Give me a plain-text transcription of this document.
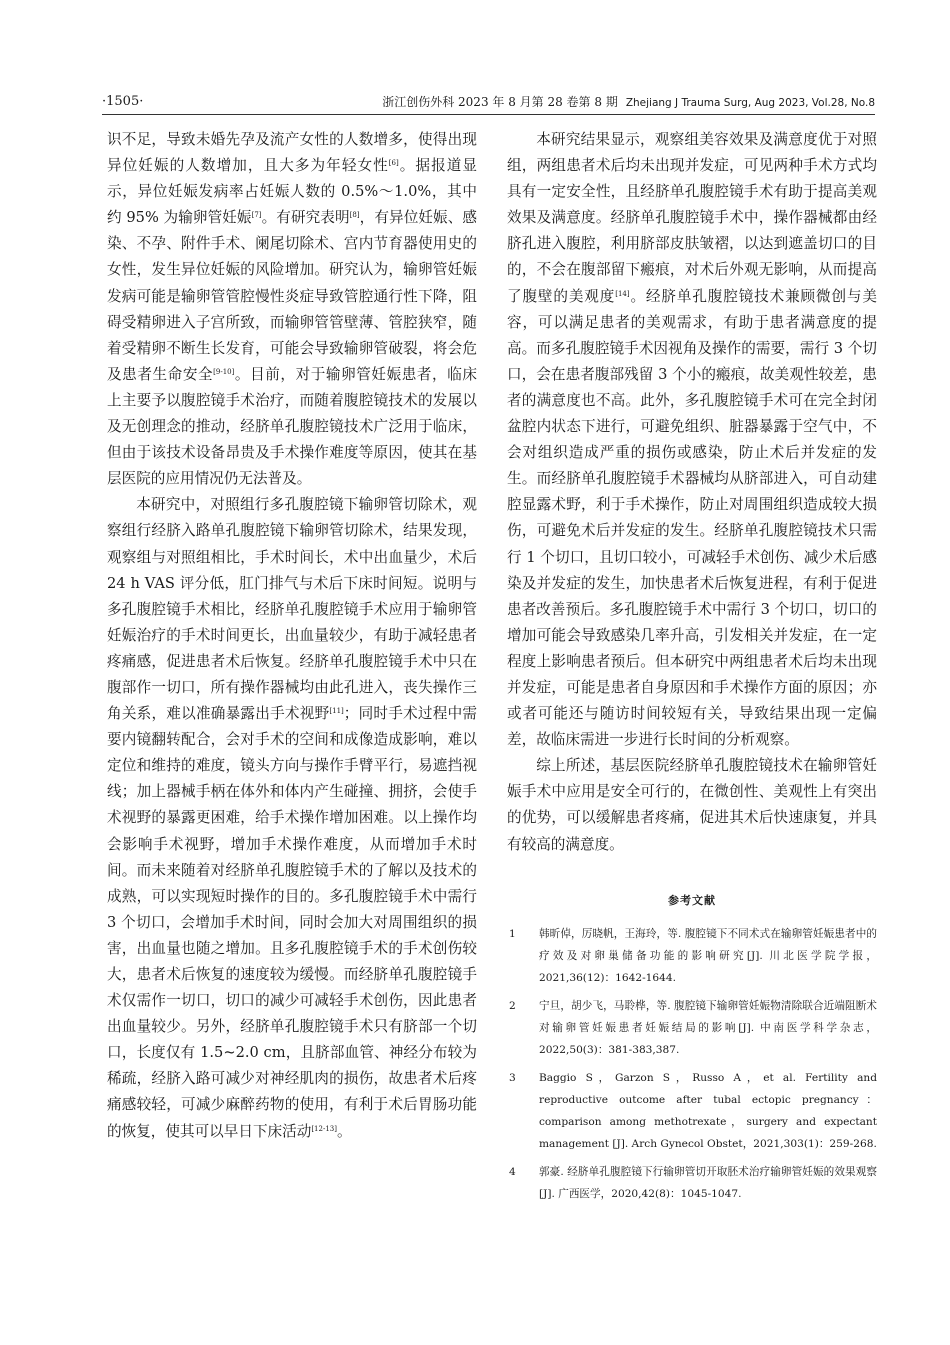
·1505·	浙江创伤外科 2023 年 8 月第 28 卷第 8 期 Zhejiang J Trauma Surg, Aug 2023, Vol.28, No.8

识不足，导致未婚先孕及流产女性的人数增多，使得出现异位妊娠的人数增加，且大多为年轻女性[6]。据报道显示，异位妊娠发病率占妊娠人数的 0.5%～1.0%，其中约 95% 为输卵管妊娠[7]。有研究表明[8]，有异位妊娠、感染、不孕、附件手术、阑尾切除术、宫内节育器使用史的女性，发生异位妊娠的风险增加。研究认为，输卵管妊娠发病可能是输卵管管腔慢性炎症导致管腔通行性下降，阻碍受精卵进入子宫所致，而输卵管管壁薄、管腔狭窄，随着受精卵不断生长发育，可能会导致输卵管破裂，将会危及患者生命安全[9-10]。目前，对于输卵管妊娠患者，临床上主要予以腹腔镜手术治疗，而随着腹腔镜技术的发展以及无创理念的推动，经脐单孔腹腔镜技术广泛用于临床，但由于该技术设备昂贵及手术操作难度等原因，使其在基层医院的应用情况仍无法普及。

本研究中，对照组行多孔腹腔镜下输卵管切除术，观察组行经脐入路单孔腹腔镜下输卵管切除术，结果发现，观察组与对照组相比，手术时间长，术中出血量少，术后 24 h VAS 评分低，肛门排气与术后下床时间短。说明与多孔腹腔镜手术相比，经脐单孔腹腔镜手术应用于输卵管妊娠治疗的手术时间更长，出血量较少，有助于减轻患者疼痛感，促进患者术后恢复。经脐单孔腹腔镜手术中只在腹部作一切口，所有操作器械均由此孔进入，丧失操作三角关系，难以准确暴露出手术视野[11]；同时手术过程中需要内镜翻转配合，会对手术的空间和成像造成影响，难以定位和维持的难度，镜头方向与操作手臂平行，易遮挡视线；加上器械手柄在体外和体内产生碰撞、拥挤，会使手术视野的暴露更困难，给手术操作增加困难。以上操作均会影响手术视野，增加手术操作难度，从而增加手术时间。而未来随着对经脐单孔腹腔镜手术的了解以及技术的成熟，可以实现短时操作的目的。多孔腹腔镜手术中需行 3 个切口，会增加手术时间，同时会加大对周围组织的损害，出血量也随之增加。且多孔腹腔镜手术的手术创伤较大，患者术后恢复的速度较为缓慢。而经脐单孔腹腔镜手术仅需作一切口，切口的减少可减轻手术创伤，因此患者出血量较少。另外，经脐单孔腹腔镜手术只有脐部一个切口，长度仅有 1.5~2.0 cm，且脐部血管、神经分布较为稀疏，经脐入路可减少对神经肌肉的损伤，故患者术后疼痛感较轻，可减少麻醉药物的使用，有利于术后胃肠功能的恢复，使其可以早日下床活动[12-13]。

本研究结果显示，观察组美容效果及满意度优于对照组，两组患者术后均未出现并发症，可见两种手术方式均具有一定安全性，且经脐单孔腹腔镜手术有助于提高美观效果及满意度。经脐单孔腹腔镜手术中，操作器械都由经脐孔进入腹腔，利用脐部皮肤皱褶，以达到遮盖切口的目的，不会在腹部留下瘢痕，对术后外观无影响，从而提高了腹壁的美观度[14]。经脐单孔腹腔镜技术兼顾微创与美容，可以满足患者的美观需求，有助于患者满意度的提高。而多孔腹腔镜手术因视角及操作的需要，需行 3 个切口，会在患者腹部残留 3 个小的瘢痕，故美观性较差，患者的满意度也不高。此外，多孔腹腔镜手术可在完全封闭盆腔内状态下进行，可避免组织、脏器暴露于空气中，不会对组织造成严重的损伤或感染，防止术后并发症的发生。而经脐单孔腹腔镜手术器械均从脐部进入，可自动建腔显露术野，利于手术操作，防止对周围组织造成较大损伤，可避免术后并发症的发生。经脐单孔腹腔镜技术只需行 1 个切口，且切口较小，可减轻手术创伤、减少术后感染及并发症的发生，加快患者术后恢复进程，有利于促进患者改善预后。多孔腹腔镜手术中需行 3 个切口，切口的增加可能会导致感染几率升高，引发相关并发症，在一定程度上影响患者预后。但本研究中两组患者术后均未出现并发症，可能是患者自身原因和手术操作方面的原因；亦或者可能还与随访时间较短有关，导致结果出现一定偏差，故临床需进一步进行长时间的分析观察。

综上所述，基层医院经脐单孔腹腔镜技术在输卵管妊娠手术中应用是安全可行的，在微创性、美观性上有突出的优势，可以缓解患者疼痛，促进其术后快速康复，并具有较高的满意度。

参考文献
1 韩昕倬，厉晓帆，王海玲，等. 腹腔镜下不同术式在输卵管妊娠患者中的疗效及对卵巢储备功能的影响研究[J]. 川北医学院学报，2021,36(12)：1642-1644.
2 宁旦，胡少飞，马聆桦，等. 腹腔镜下输卵管妊娠物清除联合近端阻断术对输卵管妊娠患者妊娠结局的影响[J]. 中南医学科学杂志，2022,50(3)：381-383,387.
3 Baggio S，Garzon S，Russo A，et al. Fertility and reproductive outcome after tubal ectopic pregnancy：comparison among methotrexate，surgery and expectant management [J]. Arch Gynecol Obstet，2021,303(1)：259-268.
4 郭豪. 经脐单孔腹腔镜下行输卵管切开取胚术治疗输卵管妊娠的效果观察[J]. 广西医学，2020,42(8)：1045-1047.
